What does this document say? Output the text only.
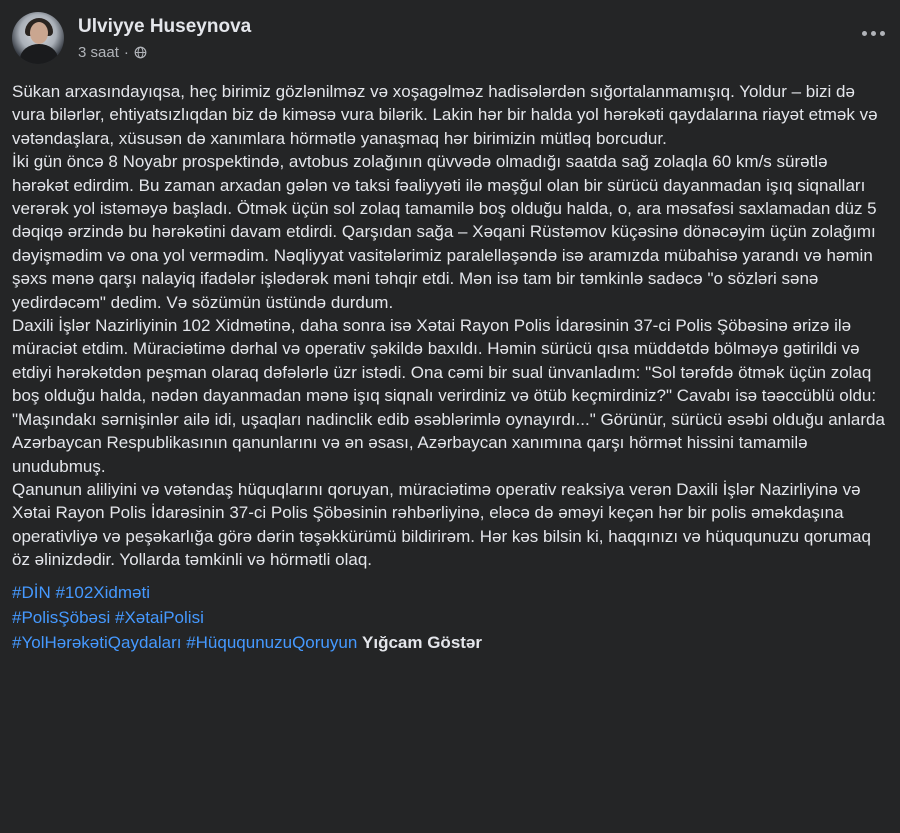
Ulviyye Huseynova
3 saat ·

Sükan arxasındayıqsa, heç birimiz gözlənilməz və xoşagəlməz hadisələrdən sığortalanmamışıq. Yoldur – bizi də vura bilərlər, ehtiyatsızlıqdan biz də kiməsə vura bilərik. Lakin hər bir halda yol hərəkəti qaydalarına riayət etmək və vətəndaşlara, xüsusən də xanımlara hörmətlə yanaşmaq hər birimizin mütləq borcudur.

İki gün öncə 8 Noyabr prospektində, avtobus zolağının qüvvədə olmadığı saatda sağ zolaqla 60 km/s sürətlə hərəkət edirdim. Bu zaman arxadan gələn və taksi fəaliyyəti ilə məşğul olan bir sürücü dayanmadan işıq siqnalları verərək yol istəməyə başladı. Ötmək üçün sol zolaq tamamilə boş olduğu halda, o, ara məsafəsi saxlamadan düz 5 dəqiqə ərzində bu hərəkətini davam etdirdi. Qarşıdan sağa – Xəqani Rüstəmov küçəsinə dönəcəyim üçün zolağımı dəyişmədim və ona yol vermədim. Nəqliyyat vasitələrimiz paralelləşəndə isə aramızda mübahisə yarandı və həmin şəxs mənə qarşı nalayiq ifadələr işlədərək məni təhqir etdi. Mən isə tam bir təmkinlə sadəcə "o sözləri sənə yedirdəcəm" dedim. Və sözümün üstündə durdum.

Daxili İşlər Nazirliyinin 102 Xidmətinə, daha sonra isə Xətai Rayon Polis İdarəsinin 37-ci Polis Şöbəsinə ərizə ilə müraciət etdim. Müraciətimə dərhal və operativ şəkildə baxıldı. Həmin sürücü qısa müddətdə bölməyə gətirildi və etdiyi hərəkətdən peşman olaraq dəfələrlə üzr istədi. Ona cəmi bir sual ünvanladım: "Sol tərəfdə ötmək üçün zolaq boş olduğu halda, nədən dayanmadan mənə işıq siqnalı verirdiniz və ötüb keçmirdiniz?" Cavabı isə təəccüblü oldu: "Maşındakı sərnişinlər ailə idi, uşaqları nadinclik edib əsəblərimlə oynayırdı..." Görünür, sürücü əsəbi olduğu anlarda Azərbaycan Respublikasının qanunlarını və ən əsası, Azərbaycan xanımına qarşı hörmət hissini tamamilə unudubmuş.

Qanunun aliliyini və vətəndaş hüquqlarını qoruyan, müraciətimə operativ reaksiya verən Daxili İşlər Nazirliyinə və Xətai Rayon Polis İdarəsinin 37-ci Polis Şöbəsinin rəhbərliyinə, eləcə də əməyi keçən hər bir polis əməkdaşına operativliyə və peşəkarlığa görə dərin təşəkkürümü bildirirəm. Hər kəs bilsin ki, haqqınızı və hüququnuzu qorumaq öz əlinizdədir. Yollarda təmkinli və hörmətli olaq.

#DİN #102Xidməti
#PolisŞöbəsi #XətaiPolisi
#YolHərəkətiQaydaları #HüququnuzuQoruyun Yığcam Göstər
